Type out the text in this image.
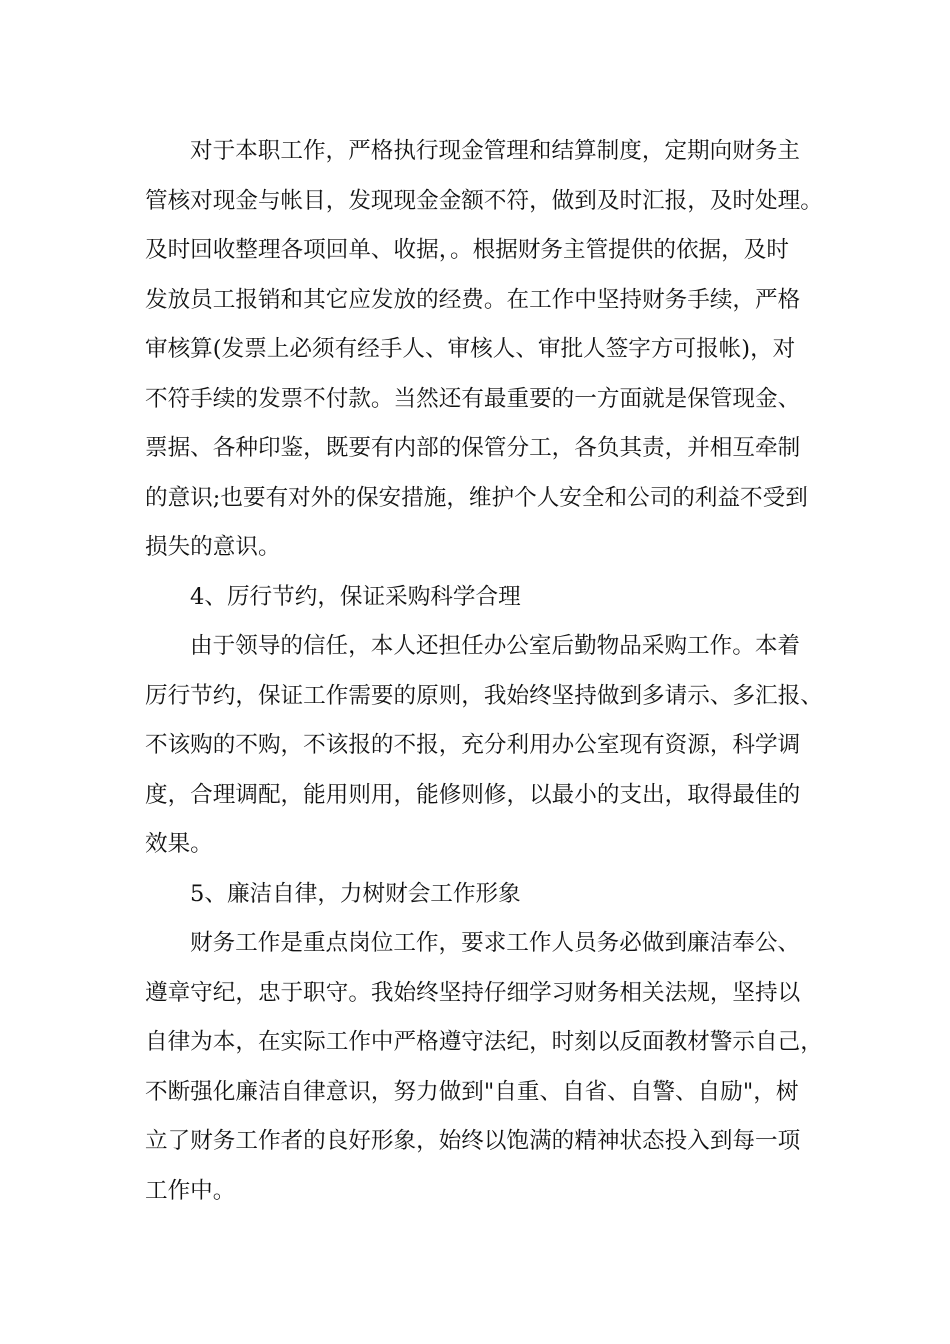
对于本职工作，严格执行现金管理和结算制度，定期向财务主

管核对现金与帐目，发现现金金额不符，做到及时汇报，及时处理。

及时回收整理各项回单、收据，。根据财务主管提供的依据，及时

发放员工报销和其它应发放的经费。在工作中坚持财务手续，严格

审核算(发票上必须有经手人、审核人、审批人签字方可报帐)，对

不符手续的发票不付款。当然还有最重要的一方面就是保管现金、

票据、各种印鉴，既要有内部的保管分工，各负其责，并相互牵制

的意识;也要有对外的保安措施，维护个人安全和公司的利益不受到

损失的意识。

4、厉行节约，保证采购科学合理

由于领导的信任，本人还担任办公室后勤物品采购工作。本着

厉行节约，保证工作需要的原则，我始终坚持做到多请示、多汇报、

不该购的不购，不该报的不报，充分利用办公室现有资源，科学调

度，合理调配，能用则用，能修则修，以最小的支出，取得最佳的

效果。

5、廉洁自律，力树财会工作形象

财务工作是重点岗位工作，要求工作人员务必做到廉洁奉公、

遵章守纪，忠于职守。我始终坚持仔细学习财务相关法规，坚持以

自律为本，在实际工作中严格遵守法纪，时刻以反面教材警示自己，

不断强化廉洁自律意识，努力做到"自重、自省、自警、自励"，树

立了财务工作者的良好形象，始终以饱满的精神状态投入到每一项

工作中。
